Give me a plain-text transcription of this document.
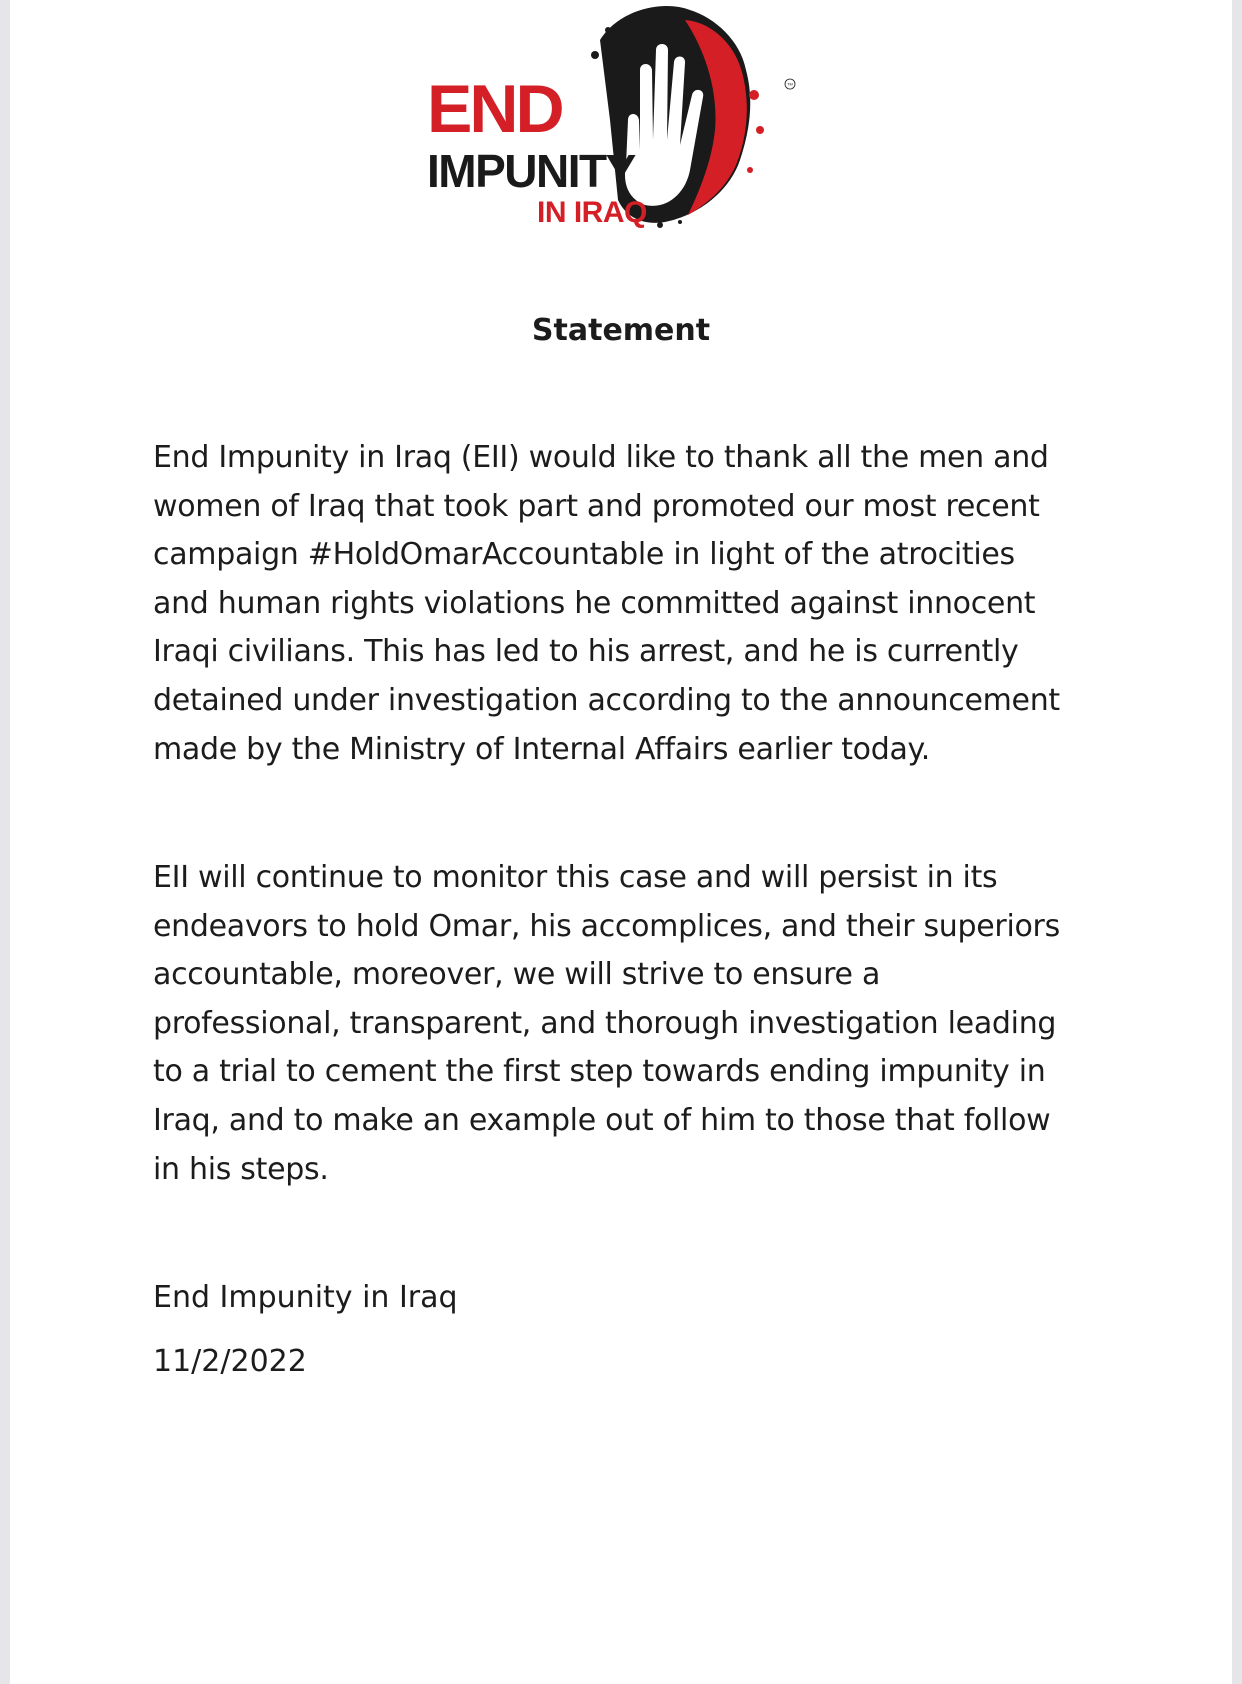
END
IMPUNITY
IN IRAQ
TM
Statement

End Impunity in Iraq (EII) would like to thank all the men and
women of Iraq that took part and promoted our most recent
campaign #HoldOmarAccountable in light of the atrocities
and human rights violations he committed against innocent
Iraqi civilians. This has led to his arrest, and he is currently
detained under investigation according to the announcement
made by the Ministry of Internal Affairs earlier today.

EII will continue to monitor this case and will persist in its
endeavors to hold Omar, his accomplices, and their superiors
accountable, moreover, we will strive to ensure a
professional, transparent, and thorough investigation leading
to a trial to cement the first step towards ending impunity in
Iraq, and to make an example out of him to those that follow
in his steps.

End Impunity in Iraq

11/2/2022
